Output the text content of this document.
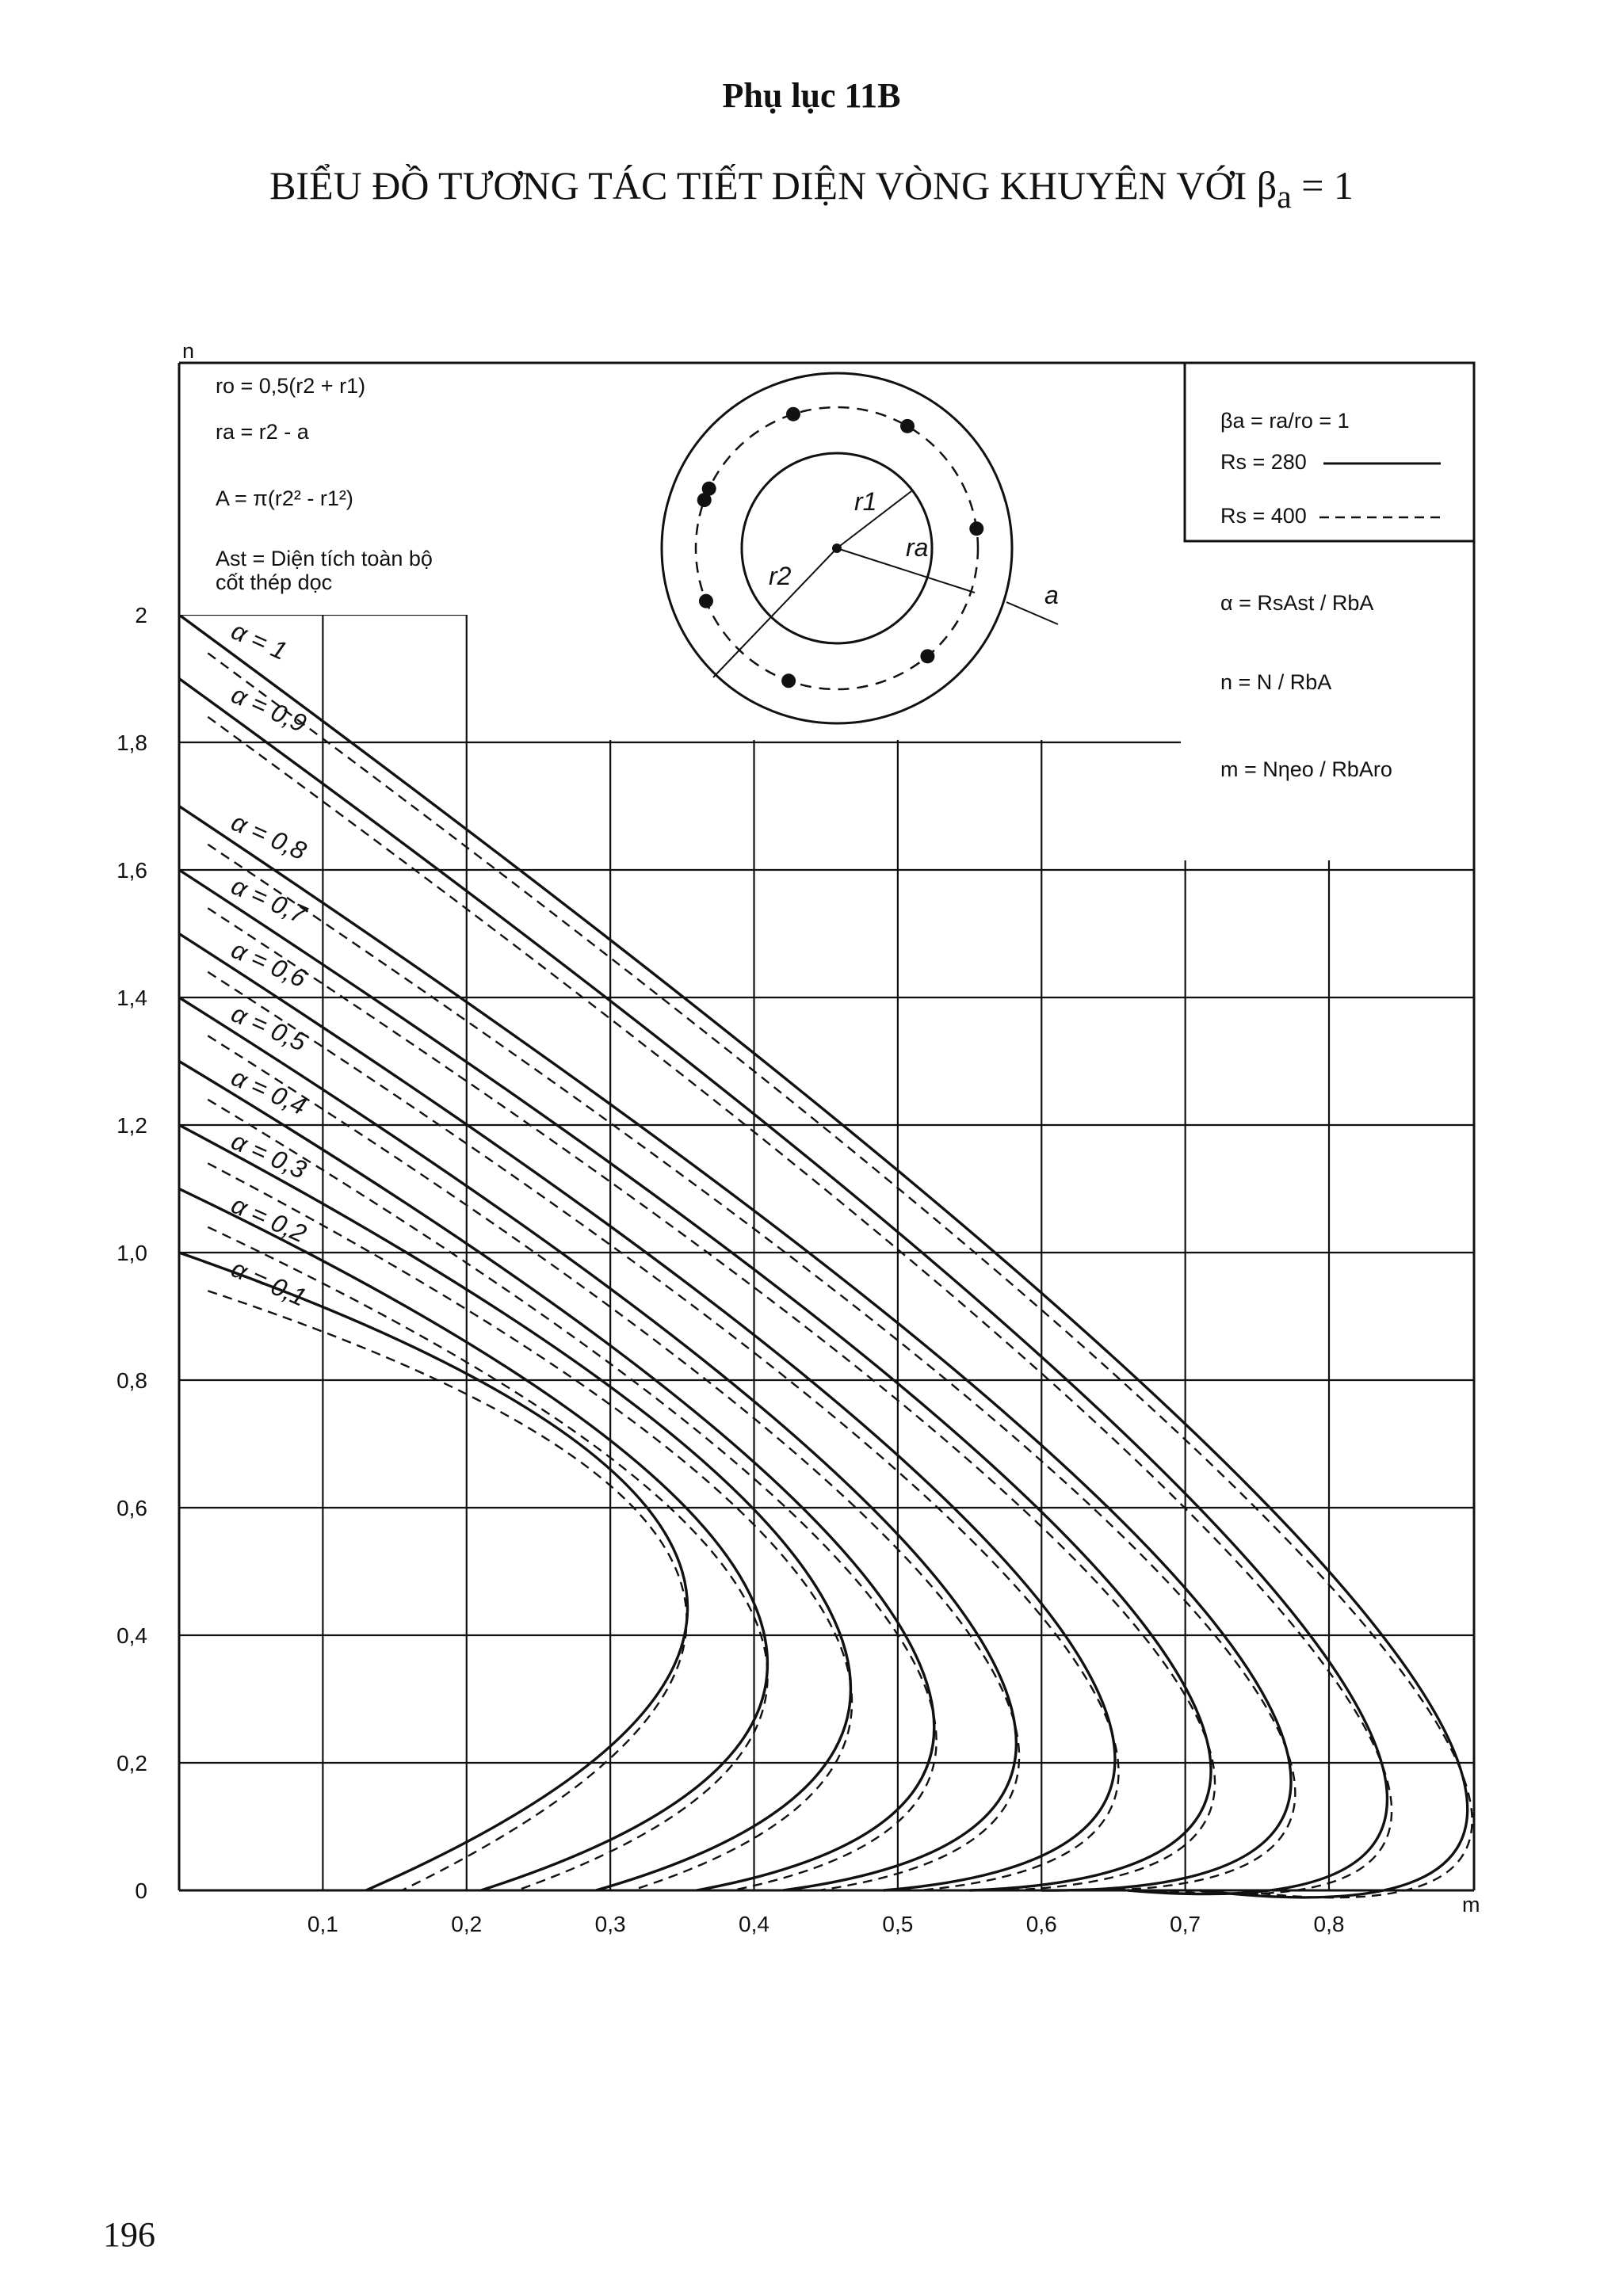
Phụ lục 11B
BIỂU ĐỒ TƯƠNG TÁC TIẾT DIỆN VÒNG KHUYÊN VỚI $\beta_a = 1$
α = 0,1
α = 0,2
α = 0,3
α = 0,4
α = 0,5
α = 0,6
α = 0,7
α = 0,8
α = 0,9
α = 1
0,1	0,2	0,3	0,4	0,5	0,6	0,7	0,8
0
0,2
0,4
0,6
0,8
1,0
1,2
1,4
1,6
1,8
2
n
m
ro = 0,5(r2 + r1)
ra = r2 - a
A = π(r2² - r1²)
Ast = Diện tích toàn bộ
cốt thép dọc
r1
r2
ra
a
βa = ra/ro = 1
Rs = 280
Rs = 400
α = RsAst / RbA
n = N / RbA
m = Nηeo / RbAro
196
